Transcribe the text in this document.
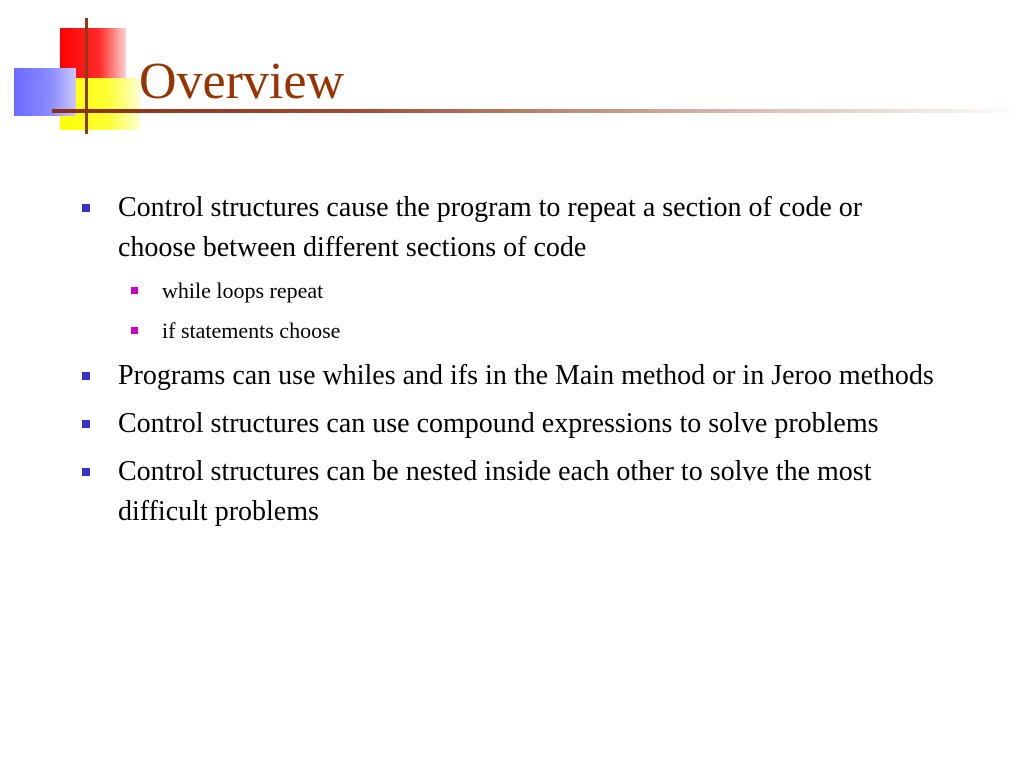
Overview
Control structures cause the program to repeat a section of code or choose between different sections of code
while loops repeat
if statements choose
Programs can use whiles and ifs in the Main method or in Jeroo methods
Control structures can use compound expressions to solve problems
Control structures can be nested inside each other to solve the most difficult problems
